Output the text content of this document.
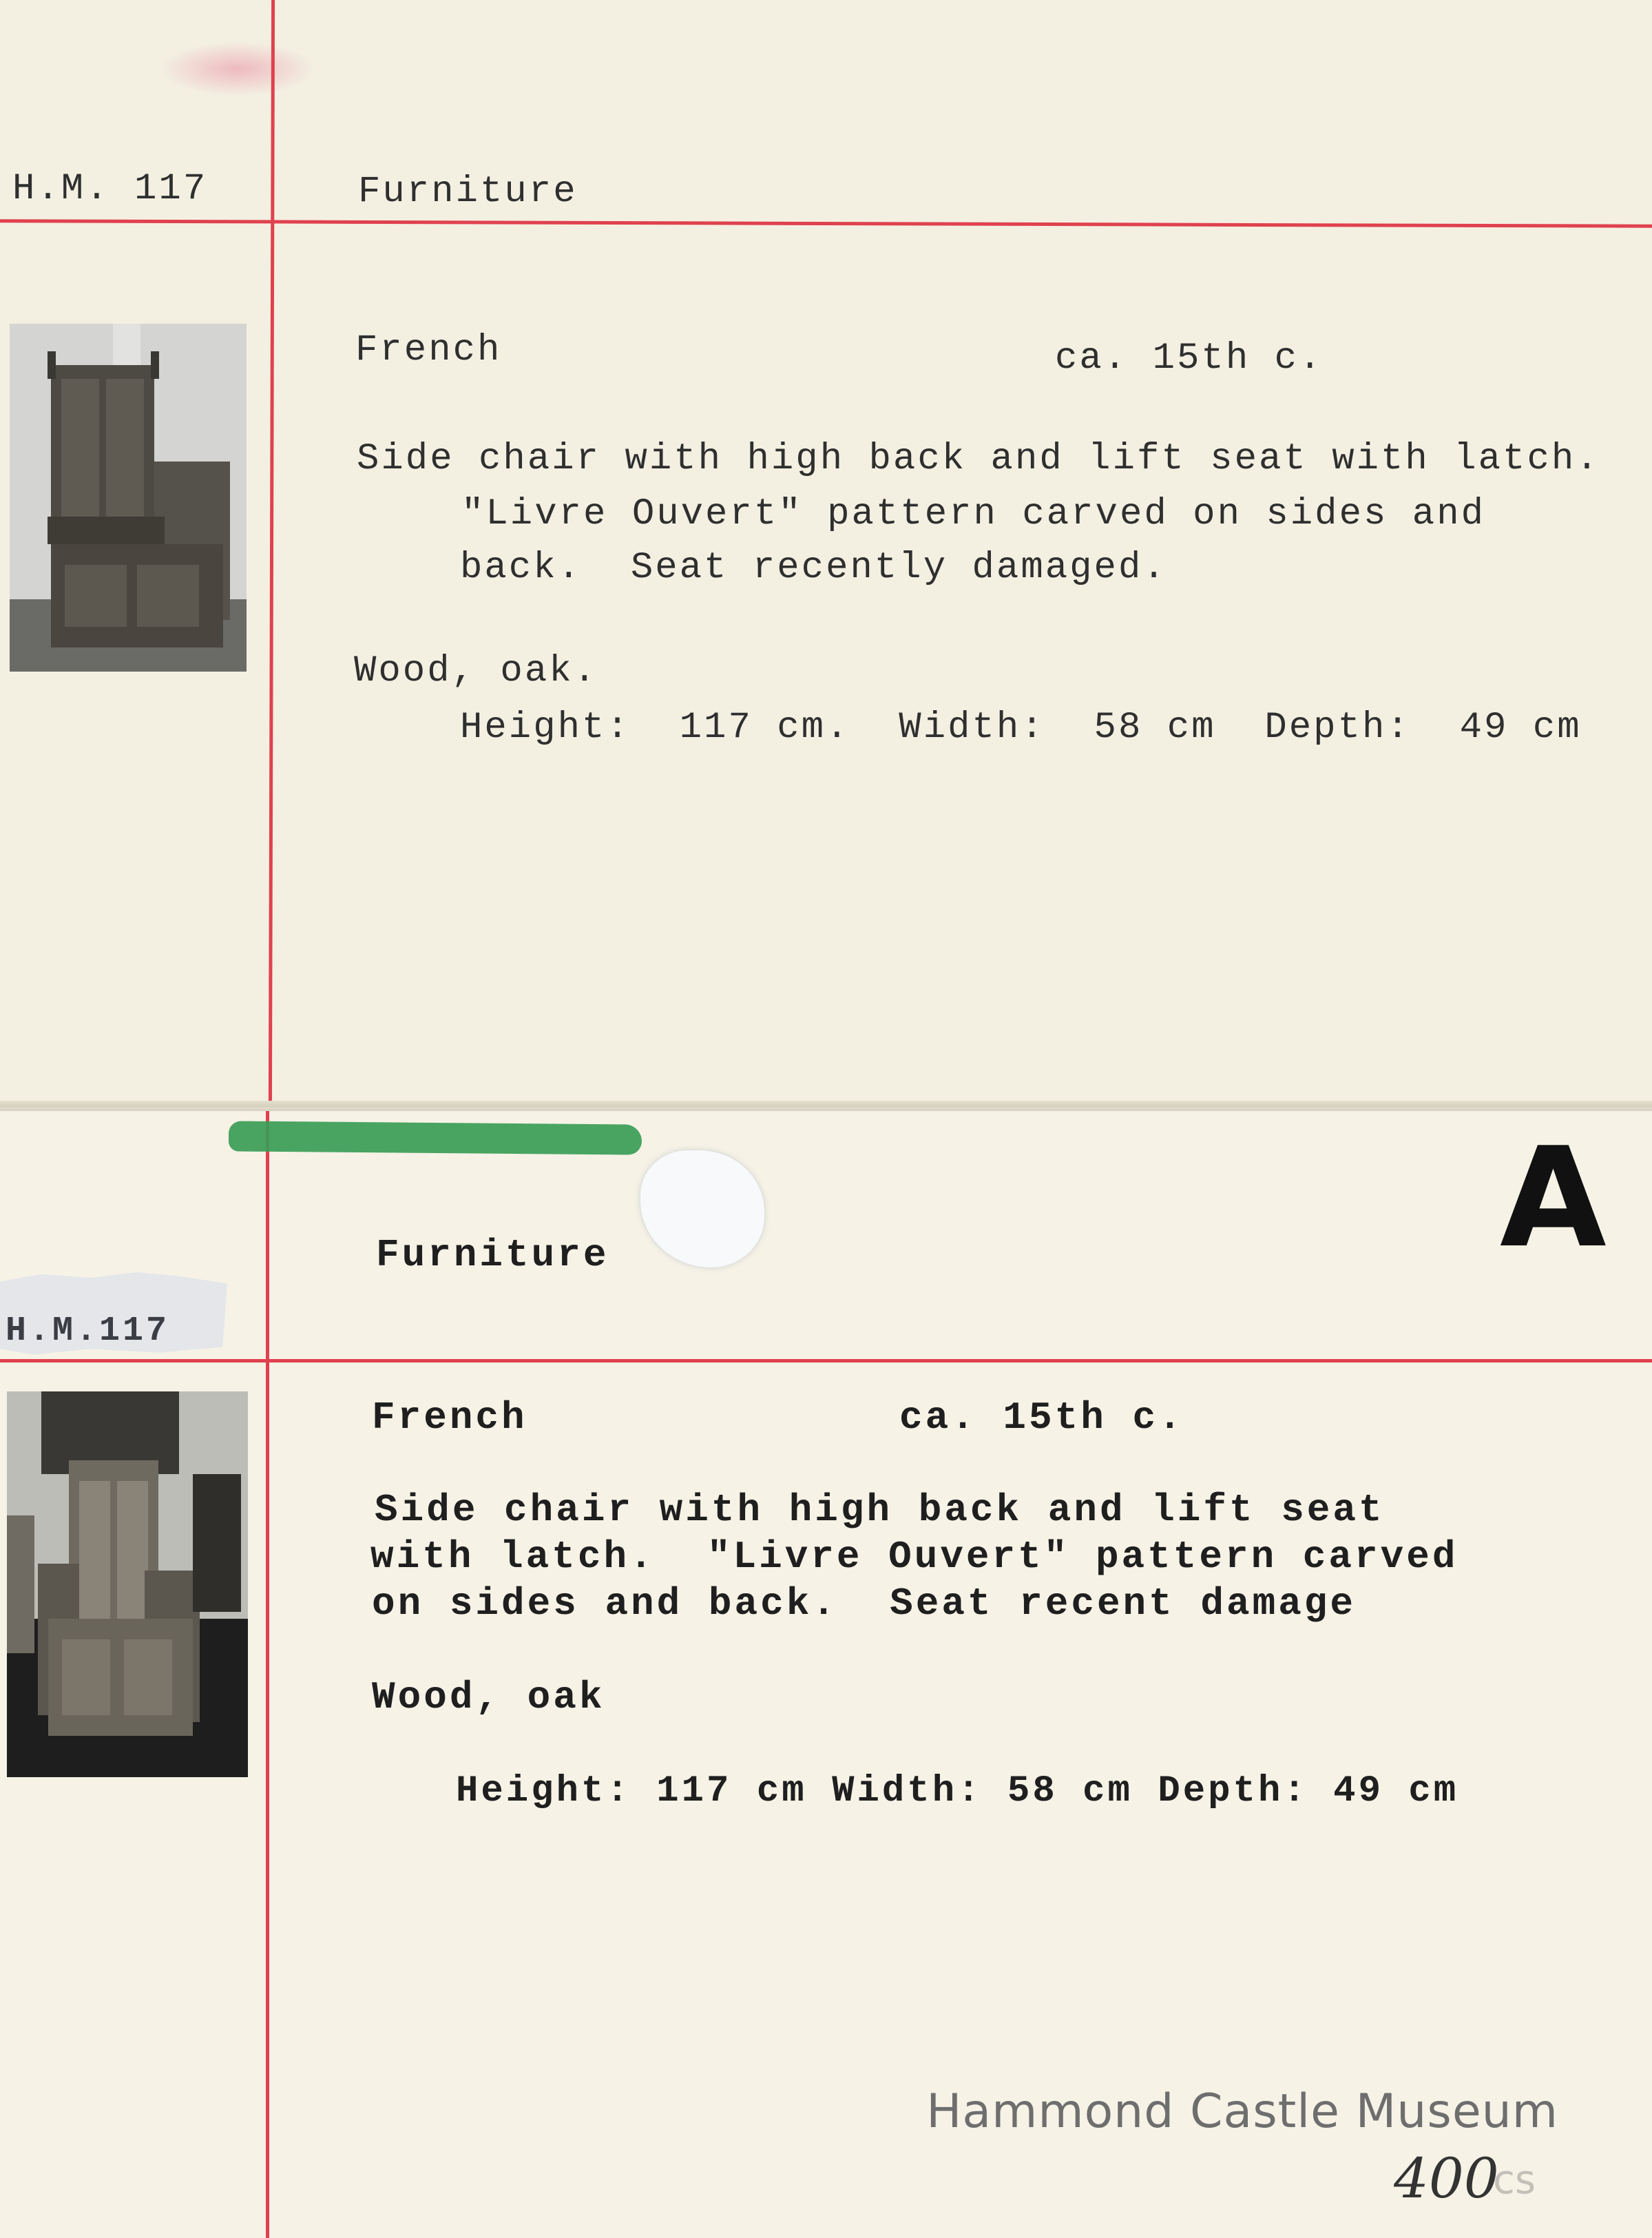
H.M. 117	Furniture
French	ca. 15th c.
Side chair with high back and lift seat with latch.
"Livre Ouvert" pattern carved on sides and
back.  Seat recently damaged.
Wood, oak.
Height:  117 cm.  Width:  58 cm  Depth:  49 cm
Furniture
H.M.117
A
French	ca. 15th c.
Side chair with high back and lift seat
with latch.  "Livre Ouvert" pattern carved
on sides and back.  Seat recent damage
Wood, oak
Height: 117 cm Width: 58 cm Depth: 49 cm
Hammond Castle Museum
400
cs
